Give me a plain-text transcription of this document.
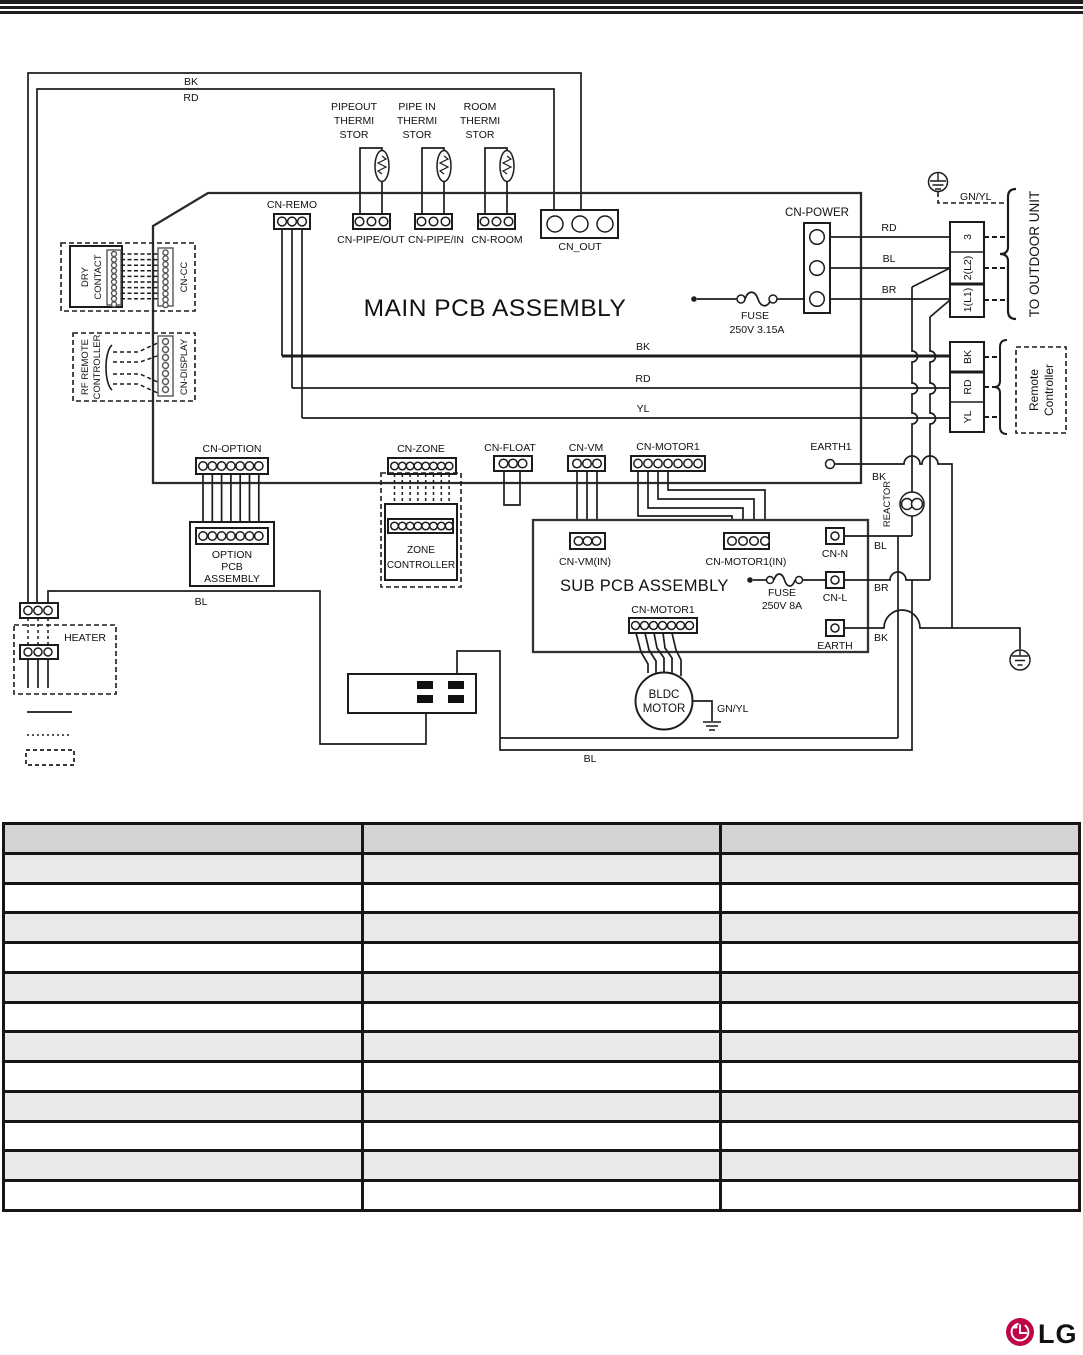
BK
RD
MAIN PCB ASSEMBLY
PIPEOUT
THERMI
STOR
PIPE IN
THERMI
STOR
ROOM
THERMI
STOR
CN-REMO
CN-PIPE/OUT CN-PIPE/IN CN-ROOM
CN_OUT
BK
RD
YL
CN-POWER
FUSE
250V 3.15A
RD
BL
BR
3
2(L2)
1(L1)	TO OUTDOOR UNIT
GN/YL
BK
RD
YL
Remote Controller
REACTOR
BK
EARTH1
CN-OPTION
OPTION
PCB
ASSEMBLY
CN-ZONE
ZONE
CONTROLLER
CN-FLOAT	CN-VM	CN-MOTOR1
SUB PCB ASSEMBLY
CN-VM(IN)	CN-MOTOR1(IN)
CN-N
FUSE
250V 8A
CN-L
EARTH
CN-MOTOR1
BL
BR
BK
BL
BLDC
MOTOR	GN/YL
BL
HEATER
DRY CONTACT	CN-CC
RF REMOTE CONTROLLER	CN-DISPLAY

LG
